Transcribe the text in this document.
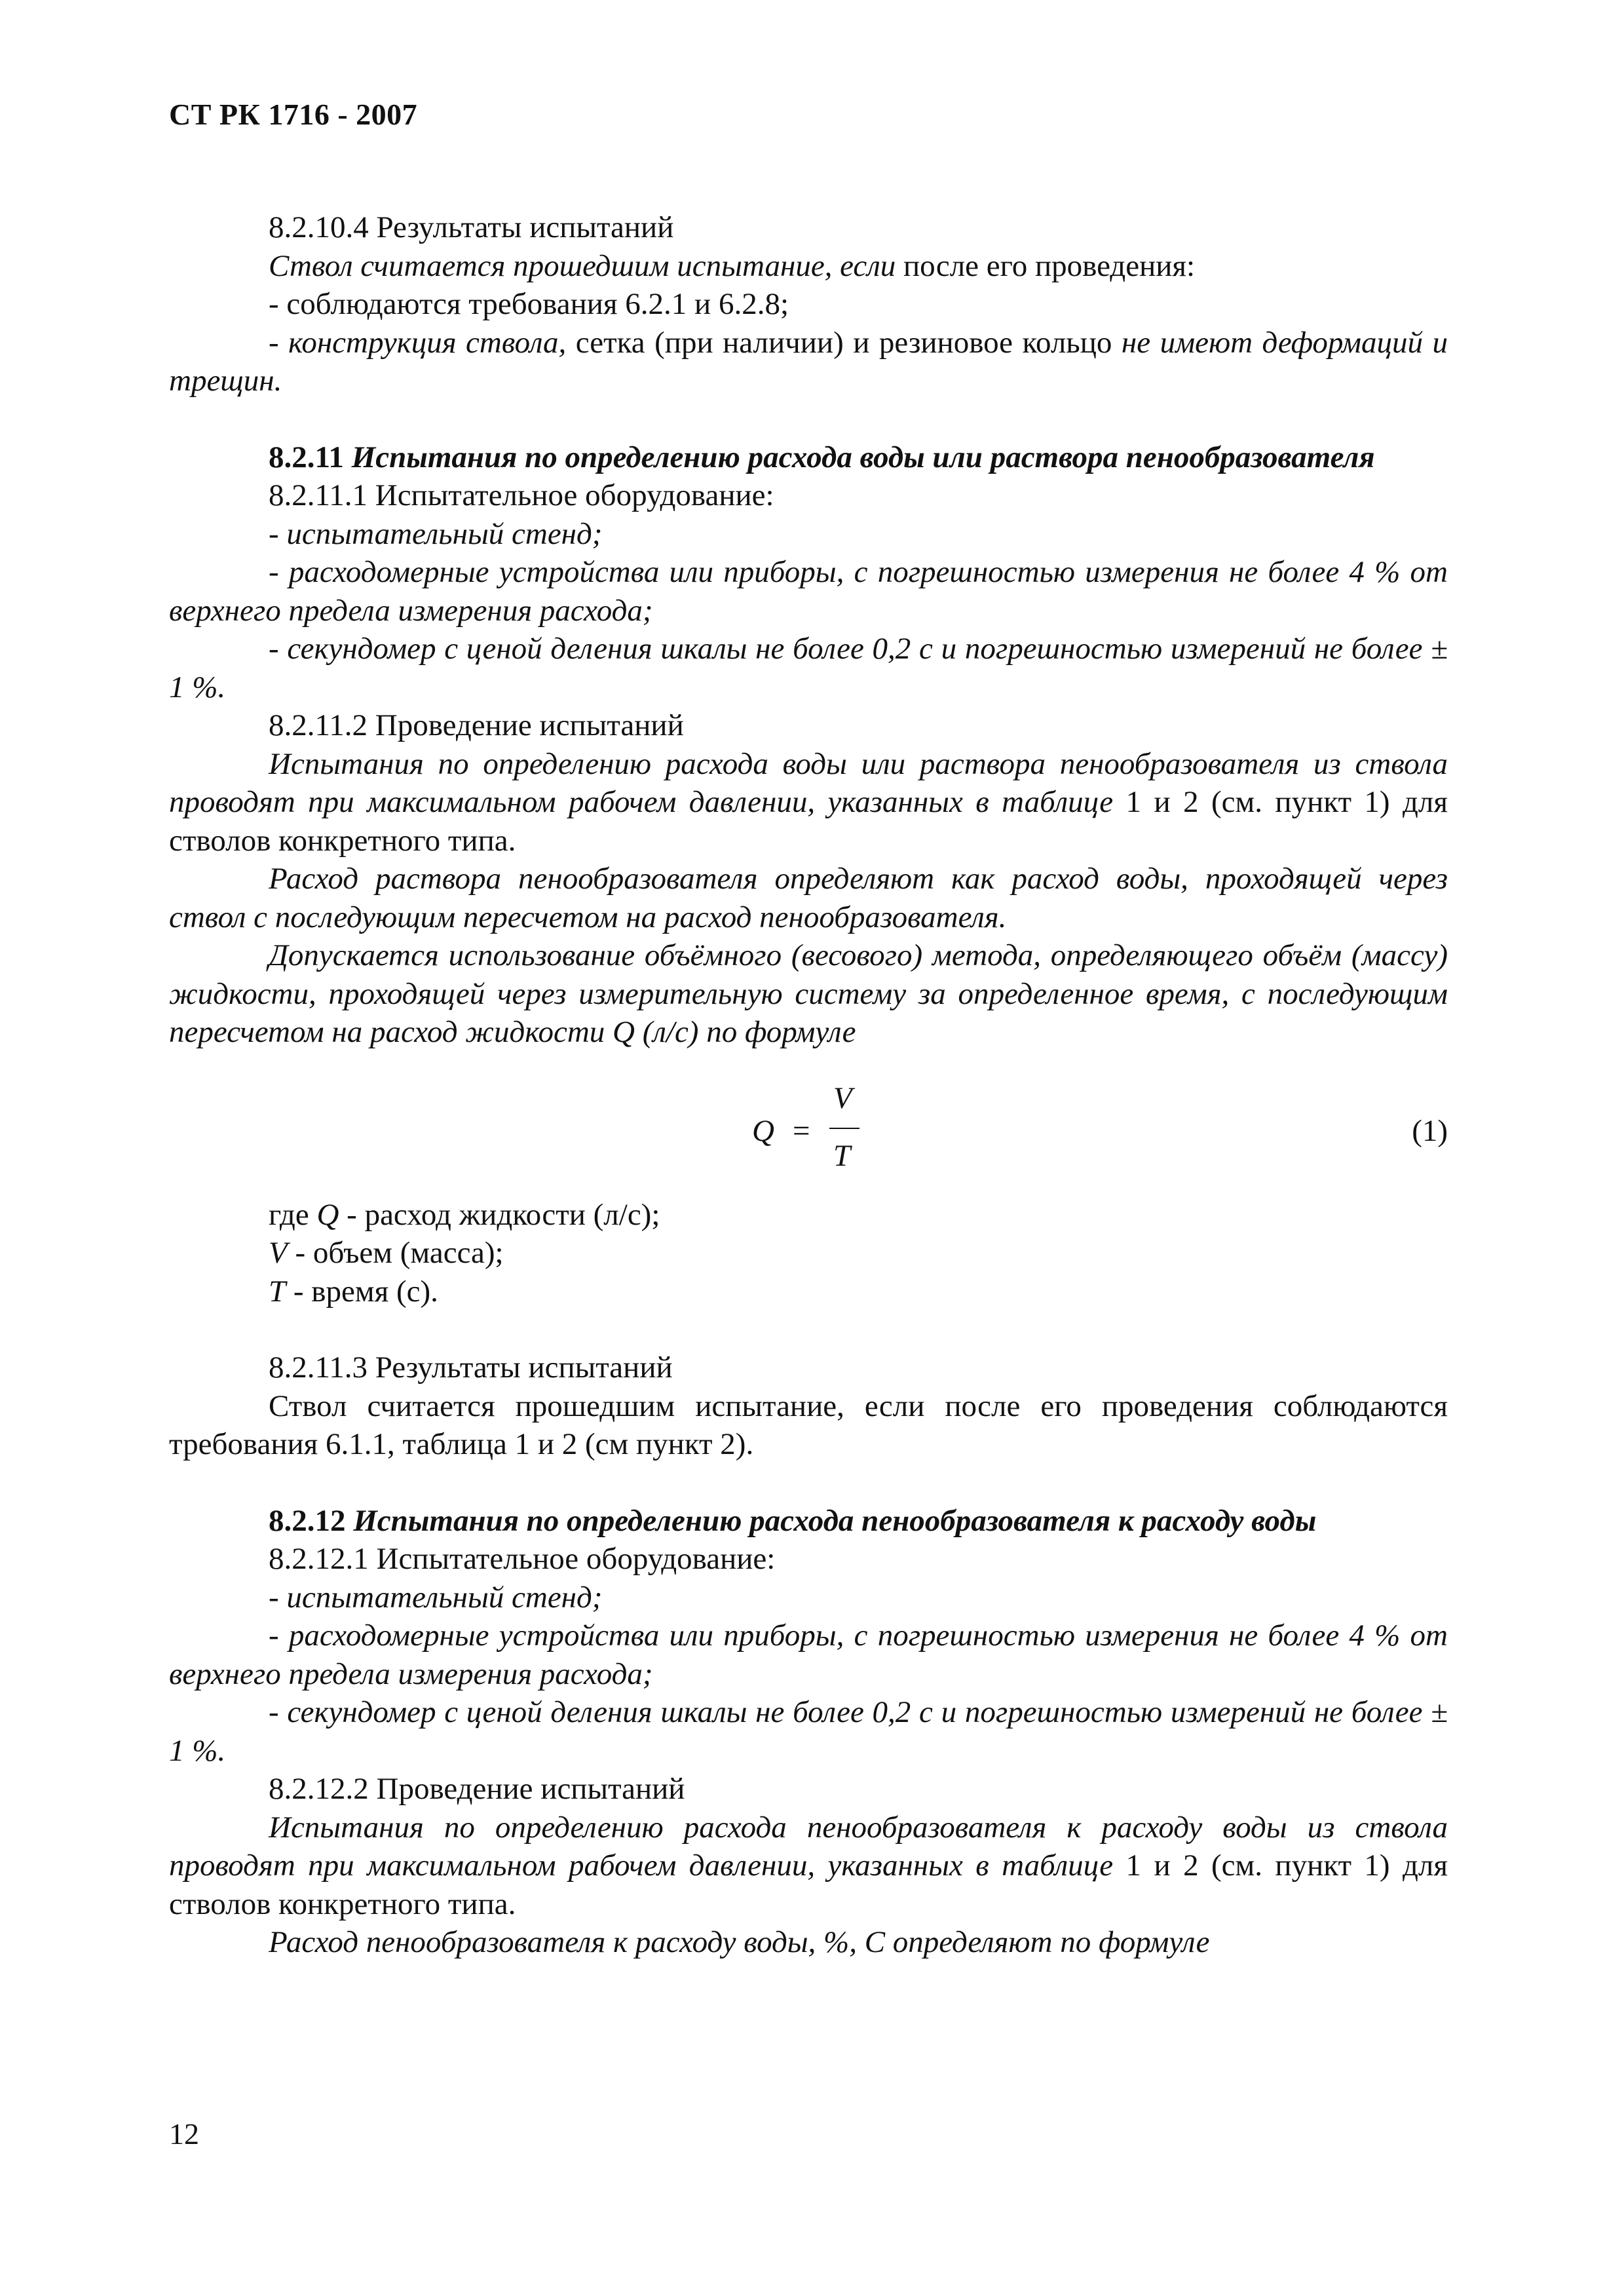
СТ РК 1716 - 2007

8.2.10.4 Результаты испытаний

Ствол считается прошедшим испытание, если после его проведения:

- соблюдаются требования 6.2.1 и 6.2.8;

- конструкция ствола, сетка (при наличии) и резиновое кольцо не имеют деформаций и трещин.

8.2.11 Испытания по определению расхода воды или раствора пенообразователя

8.2.11.1 Испытательное оборудование:

- испытательный стенд;

- расходомерные устройства или приборы, с погрешностью измерения не более 4 % от верхнего предела измерения расхода;

- секундомер с ценой деления шкалы не более 0,2 с и погрешностью измерений не более ± 1 %.

8.2.11.2 Проведение испытаний

Испытания по определению расхода воды или раствора пенообразователя из ствола проводят при максимальном рабочем давлении, указанных в таблице 1 и 2 (см. пункт 1) для стволов конкретного типа.

Расход раствора пенообразователя определяют как расход воды, проходящей через ствол с последующим пересчетом на расход пенообразователя.

Допускается использование объёмного (весового) метода, определяющего объём (массу) жидкости, проходящей через измерительную систему за определенное время, с последующим пересчетом на расход жидкости Q (л/с) по формуле

Q =
V
T
(1)

где Q - расход жидкости (л/с);

V - объем (масса);

T - время (с).

8.2.11.3 Результаты испытаний

Ствол считается прошедшим испытание, если после его проведения соблюдаются требования 6.1.1, таблица 1 и 2 (см пункт 2).

8.2.12 Испытания по определению расхода пенообразователя к расходу воды

8.2.12.1 Испытательное оборудование:

- испытательный стенд;

- расходомерные устройства или приборы, с погрешностью измерения не более 4 % от верхнего предела измерения расхода;

- секундомер с ценой деления шкалы не более 0,2 с и погрешностью измерений не более ± 1 %.

8.2.12.2 Проведение испытаний

Испытания по определению расхода пенообразователя к расходу воды из ствола проводят при максимальном рабочем давлении, указанных в таблице 1 и 2 (см. пункт 1) для стволов конкретного типа.

Расход пенообразователя к расходу воды, %, С определяют по формуле

12
